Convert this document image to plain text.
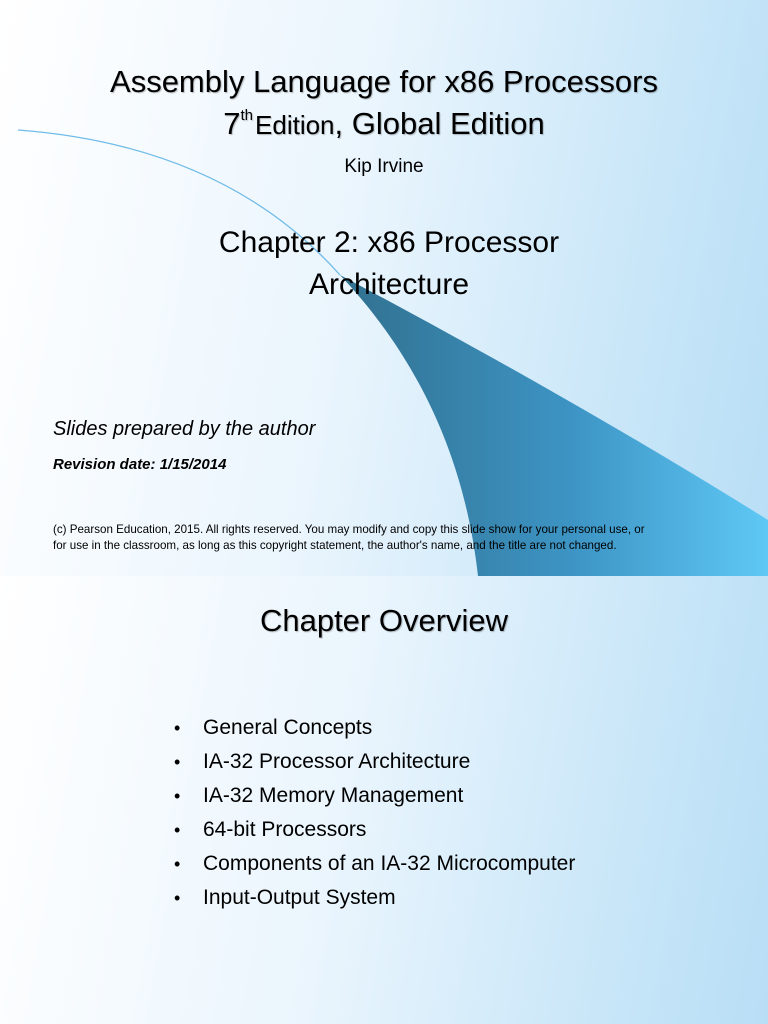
Assembly Language for x86 Processors
7thEdition, Global Edition
Kip Irvine
Chapter 2: x86 Processor
Architecture
Slides prepared by the author
Revision date: 1/15/2014
(c) Pearson Education, 2015. All rights reserved. You may modify and copy this slide show for your personal use, or
for use in the classroom, as long as this copyright statement, the author's name, and the title are not changed.
Chapter Overview
• General Concepts
• IA-32 Processor Architecture
• IA-32 Memory Management
• 64-bit Processors
• Components of an IA-32 Microcomputer
• Input-Output System
